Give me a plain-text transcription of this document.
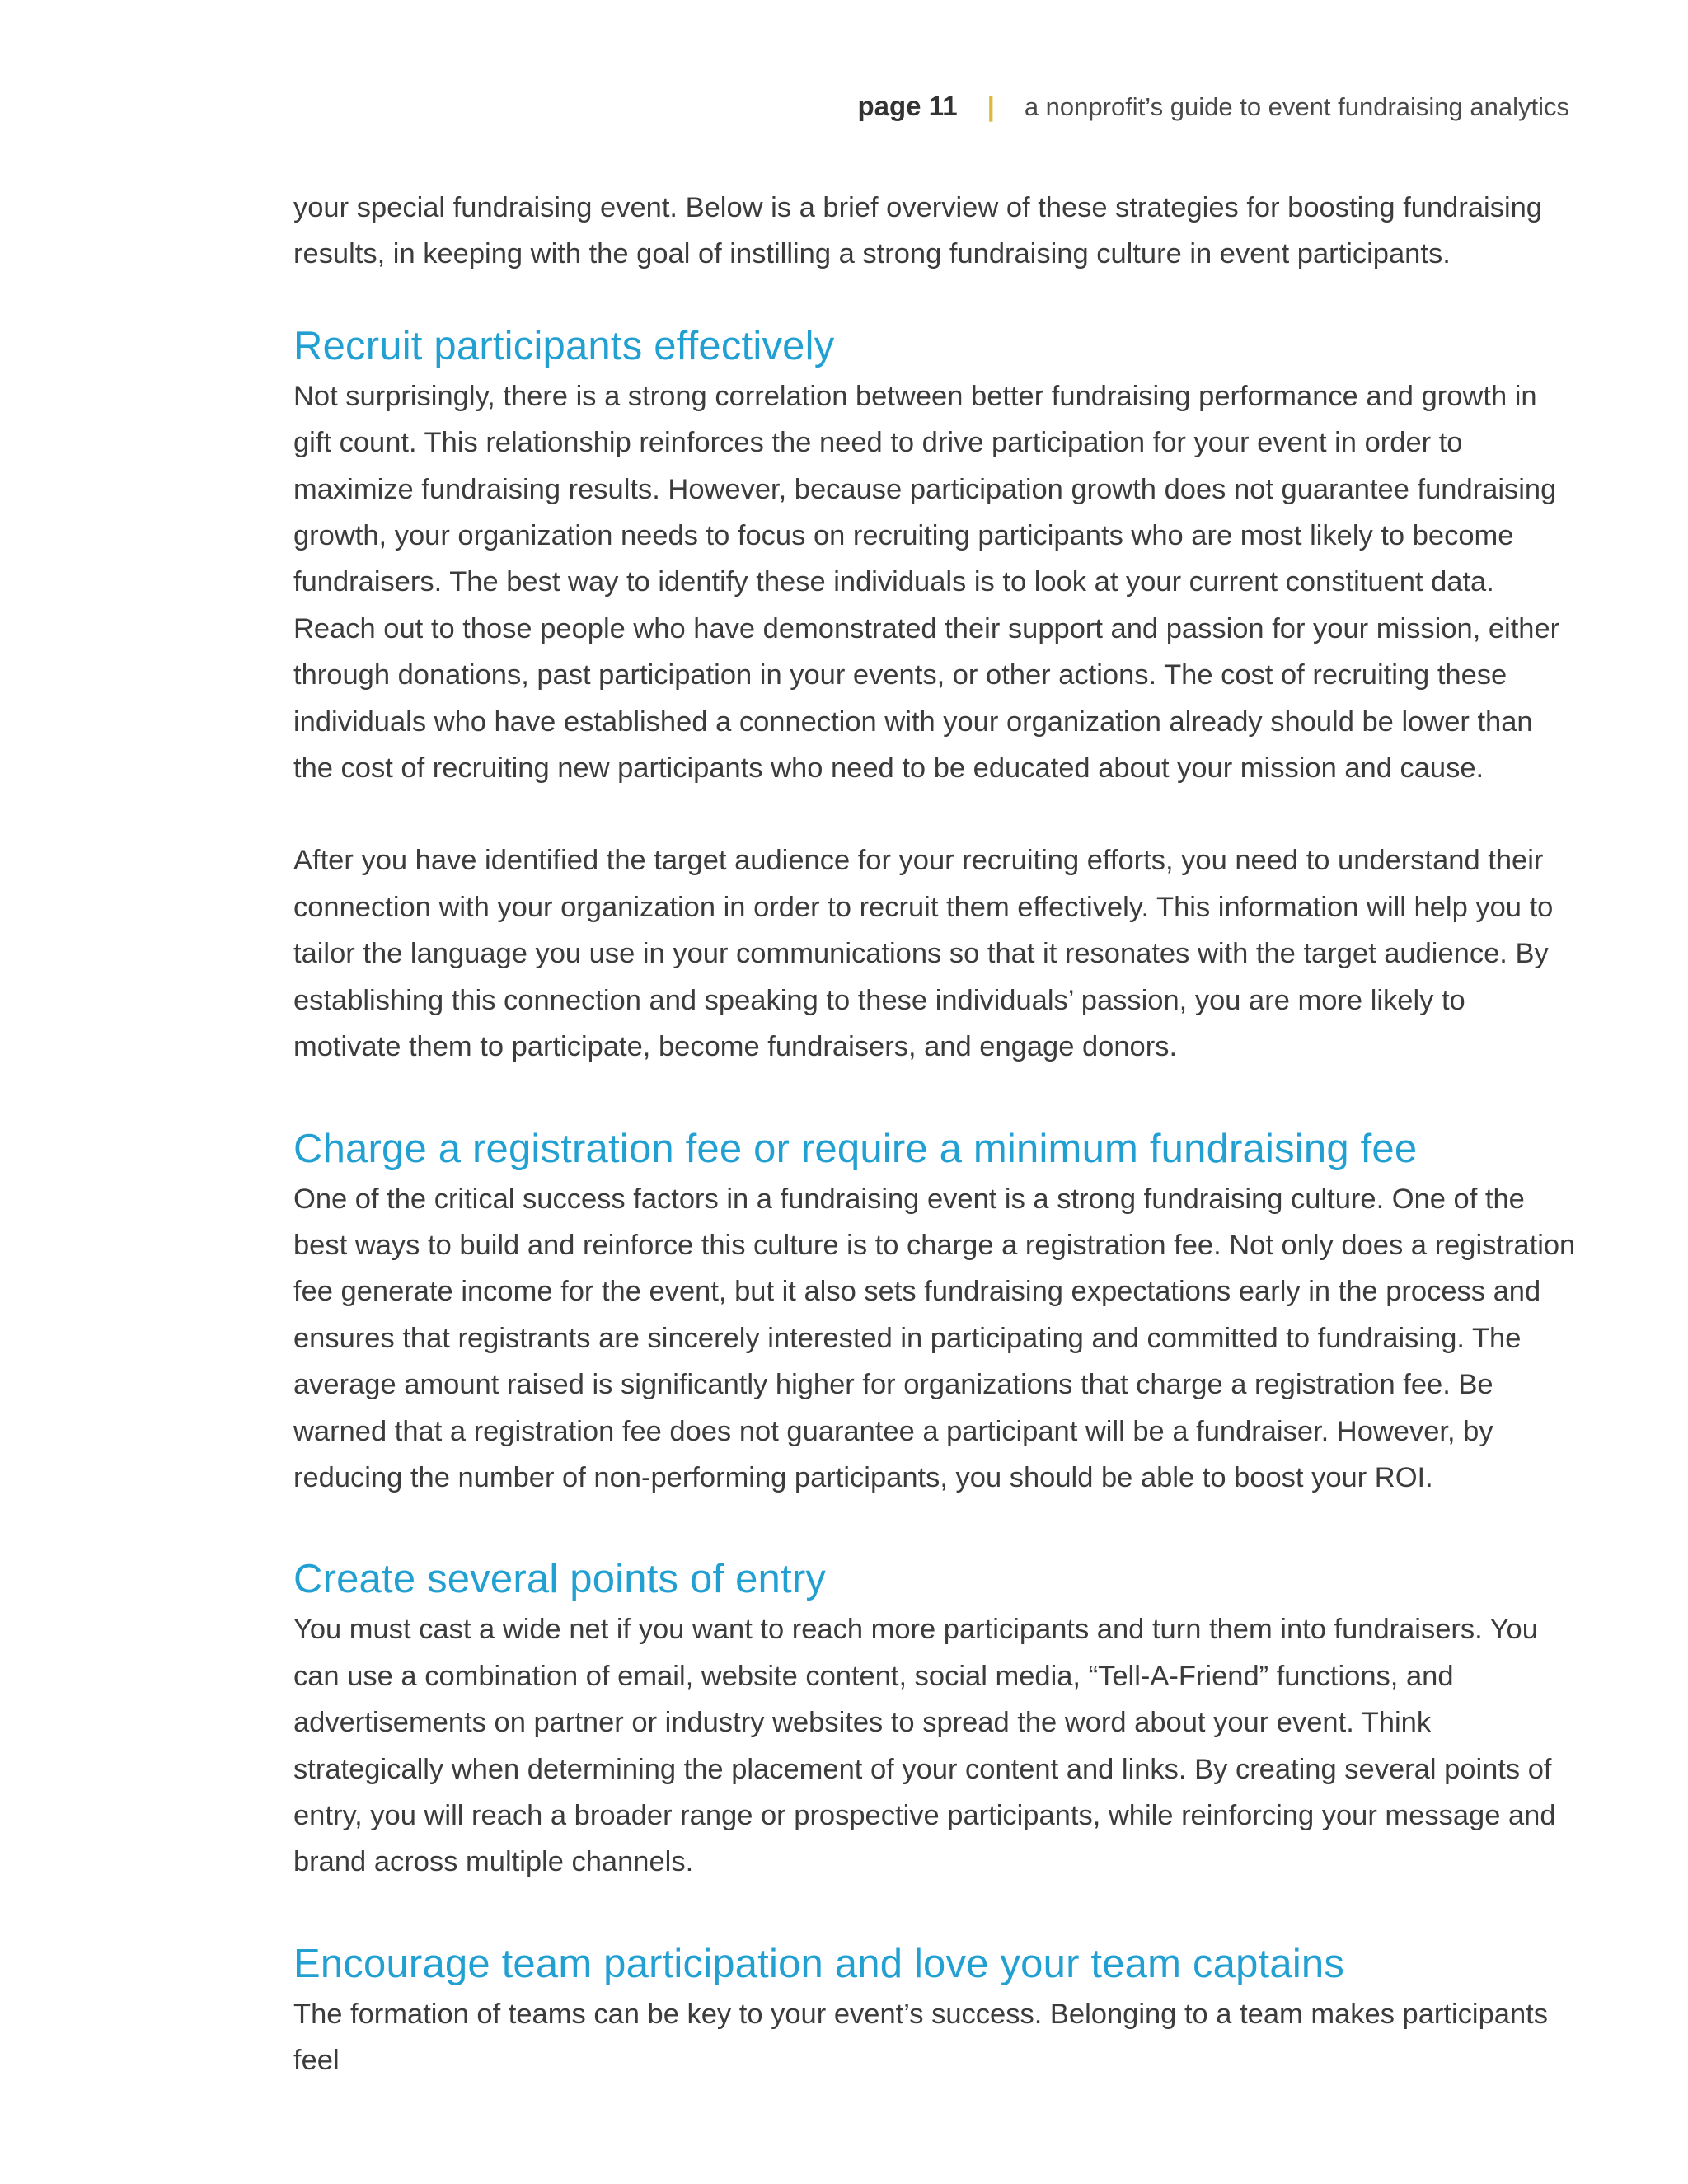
page 11 | a nonprofit’s guide to event fundraising analytics

your special fundraising event. Below is a brief overview of these strategies for boosting fundraising results, in keeping with the goal of instilling a strong fundraising culture in event participants.

Recruit participants effectively

Not surprisingly, there is a strong correlation between better fundraising performance and growth in gift count. This relationship reinforces the need to drive participation for your event in order to maximize fundraising results. However, because participation growth does not guarantee fundraising growth, your organization needs to focus on recruiting participants who are most likely to become fundraisers. The best way to identify these individuals is to look at your current constituent data. Reach out to those people who have demonstrated their support and passion for your mission, either through donations, past participation in your events, or other actions. The cost of recruiting these individuals who have established a connection with your organization already should be lower than the cost of recruiting new participants who need to be educated about your mission and cause.

After you have identified the target audience for your recruiting efforts, you need to understand their connection with your organization in order to recruit them effectively. This information will help you to tailor the language you use in your communications so that it resonates with the target audience. By establishing this connection and speaking to these individuals’ passion, you are more likely to motivate them to participate, become fundraisers, and engage donors.

Charge a registration fee or require a minimum fundraising fee

One of the critical success factors in a fundraising event is a strong fundraising culture. One of the best ways to build and reinforce this culture is to charge a registration fee. Not only does a registration fee generate income for the event, but it also sets fundraising expectations early in the process and ensures that registrants are sincerely interested in participating and committed to fundraising. The average amount raised is significantly higher for organizations that charge a registration fee. Be warned that a registration fee does not guarantee a participant will be a fundraiser. However, by reducing the number of non-performing participants, you should be able to boost your ROI.

Create several points of entry

You must cast a wide net if you want to reach more participants and turn them into fundraisers. You can use a combination of email, website content, social media, “Tell-A-Friend” functions, and advertisements on partner or industry websites to spread the word about your event. Think strategically when determining the placement of your content and links. By creating several points of entry, you will reach a broader range or prospective participants, while reinforcing your message and brand across multiple channels.

Encourage team participation and love your team captains

The formation of teams can be key to your event’s success. Belonging to a team makes participants feel
